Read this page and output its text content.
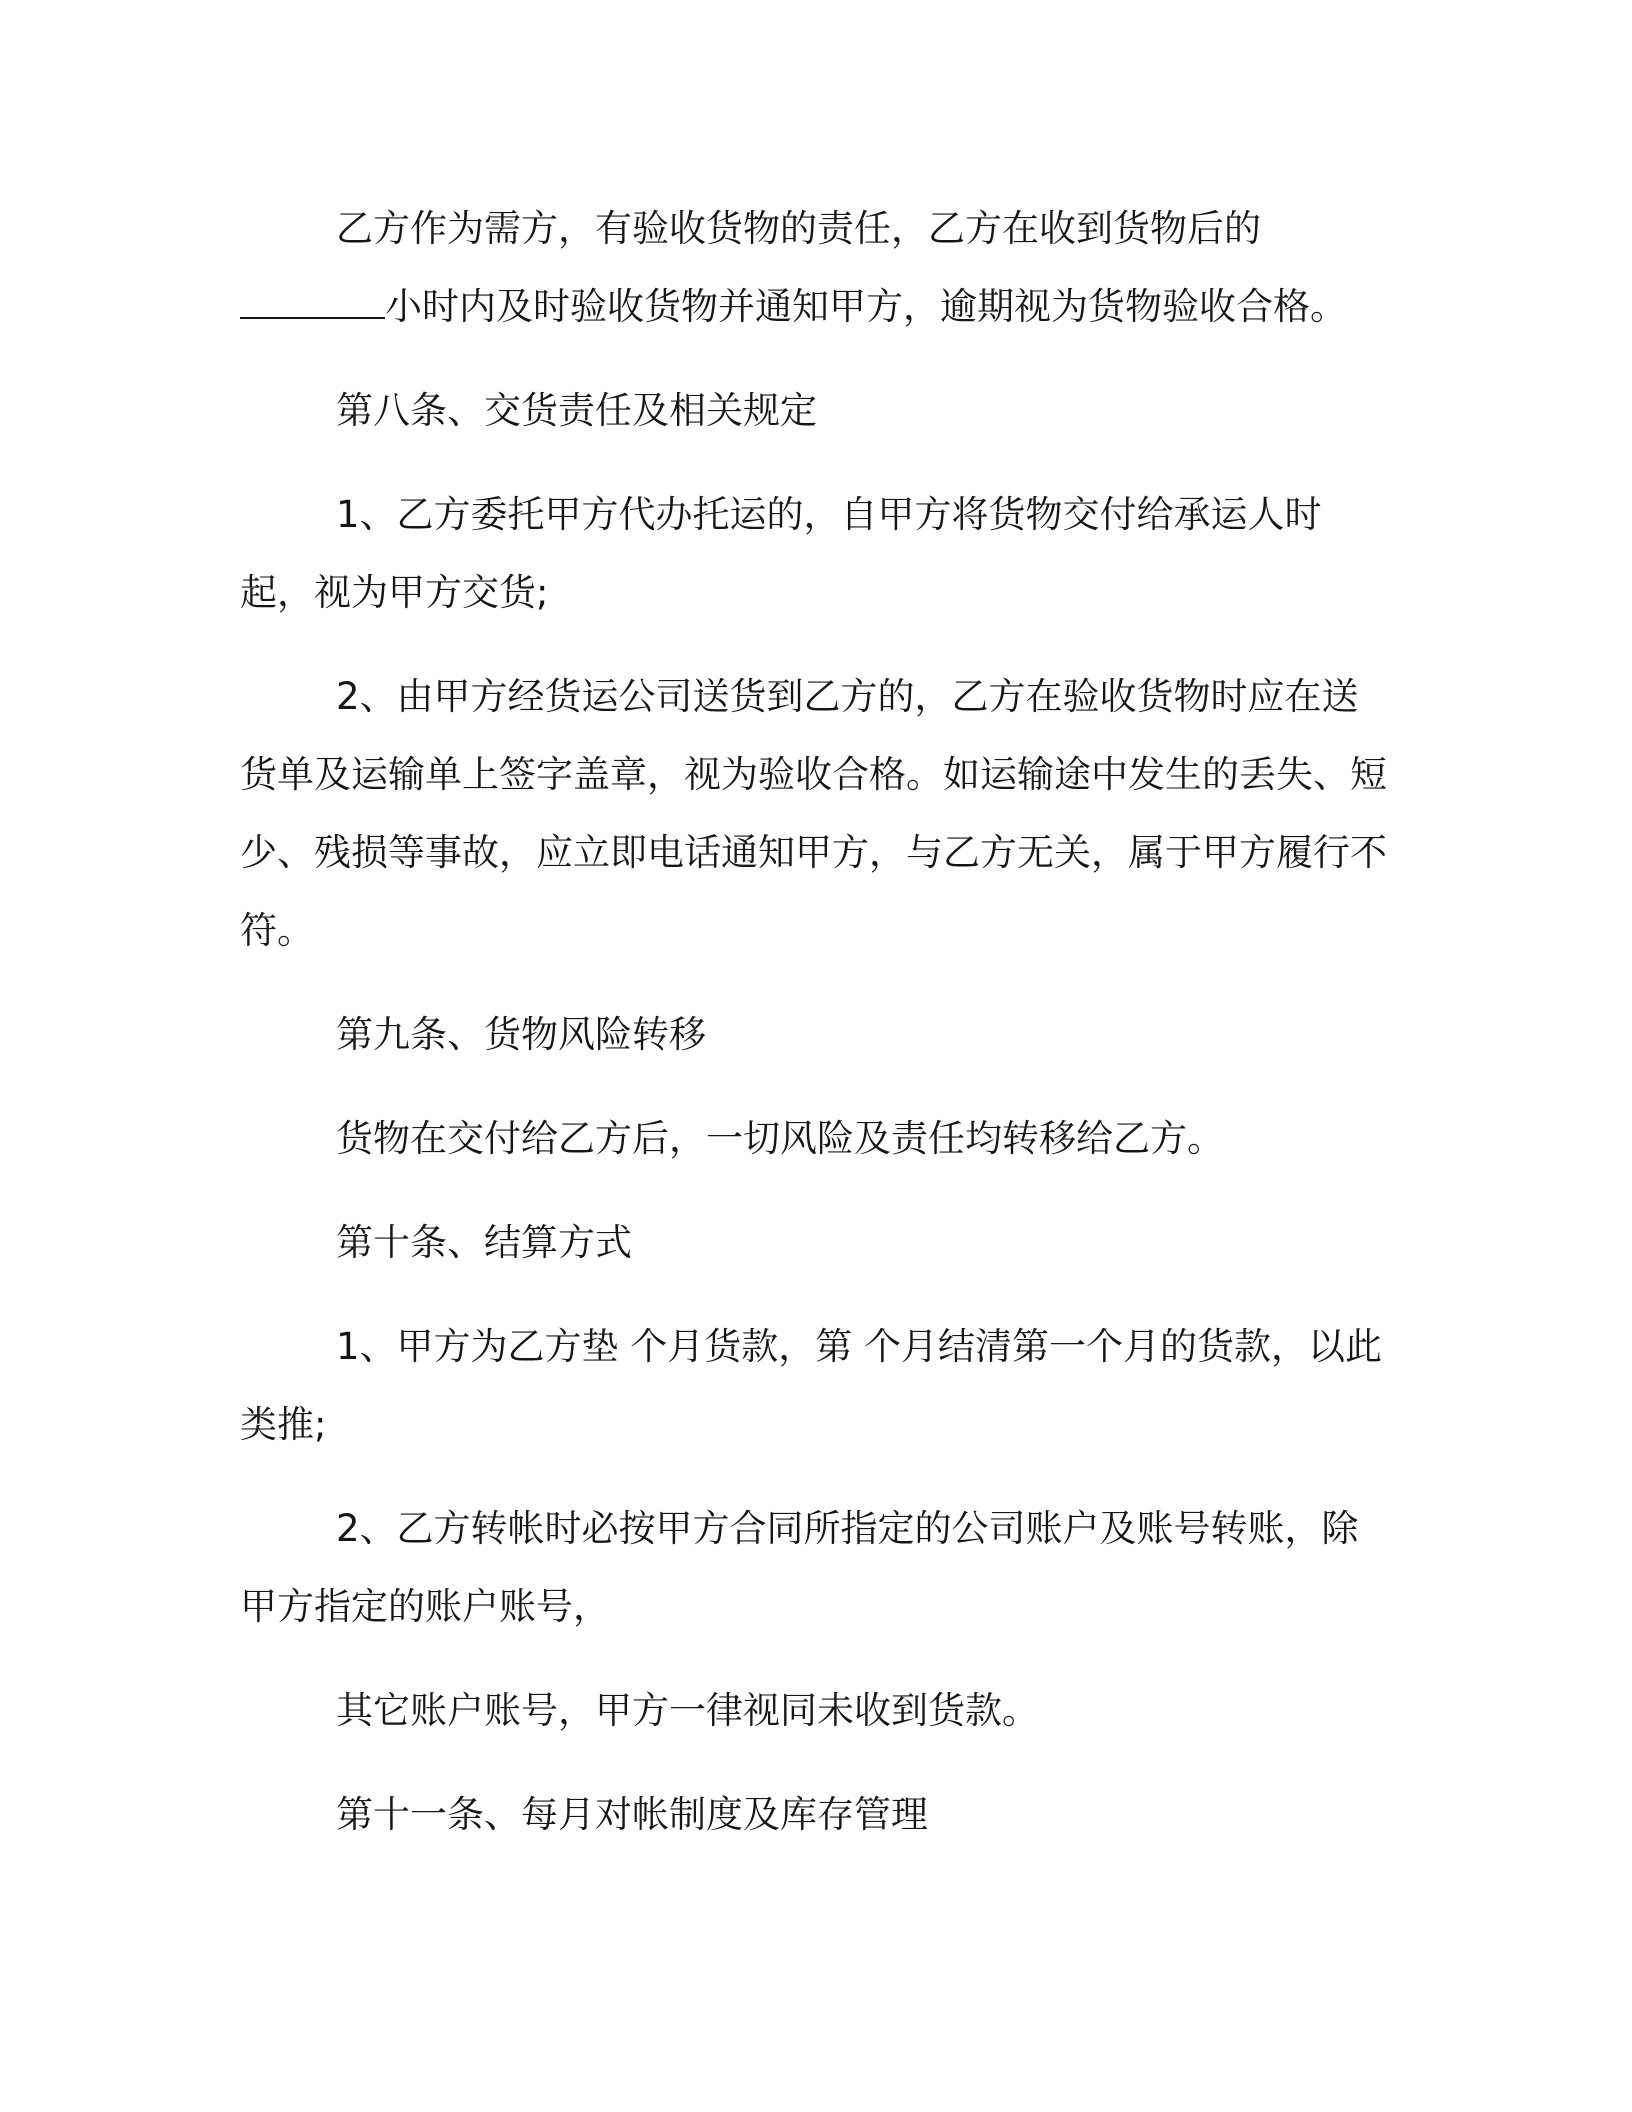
乙方作为需方，有验收货物的责任，乙方在收到货物后的小时内及时验收货物并通知甲方，逾期视为货物验收合格。

第八条、交货责任及相关规定

1、乙方委托甲方代办托运的，自甲方将货物交付给承运人时起，视为甲方交货;

2、由甲方经货运公司送货到乙方的，乙方在验收货物时应在送货单及运输单上签字盖章，视为验收合格。如运输途中发生的丢失、短少、残损等事故，应立即电话通知甲方，与乙方无关，属于甲方履行不符。

第九条、货物风险转移

货物在交付给乙方后，一切风险及责任均转移给乙方。

第十条、结算方式

1、甲方为乙方垫 个月货款，第 个月结清第一个月的货款，以此类推;

2、乙方转帐时必按甲方合同所指定的公司账户及账号转账，除甲方指定的账户账号，

其它账户账号，甲方一律视同未收到货款。

第十一条、每月对帐制度及库存管理
